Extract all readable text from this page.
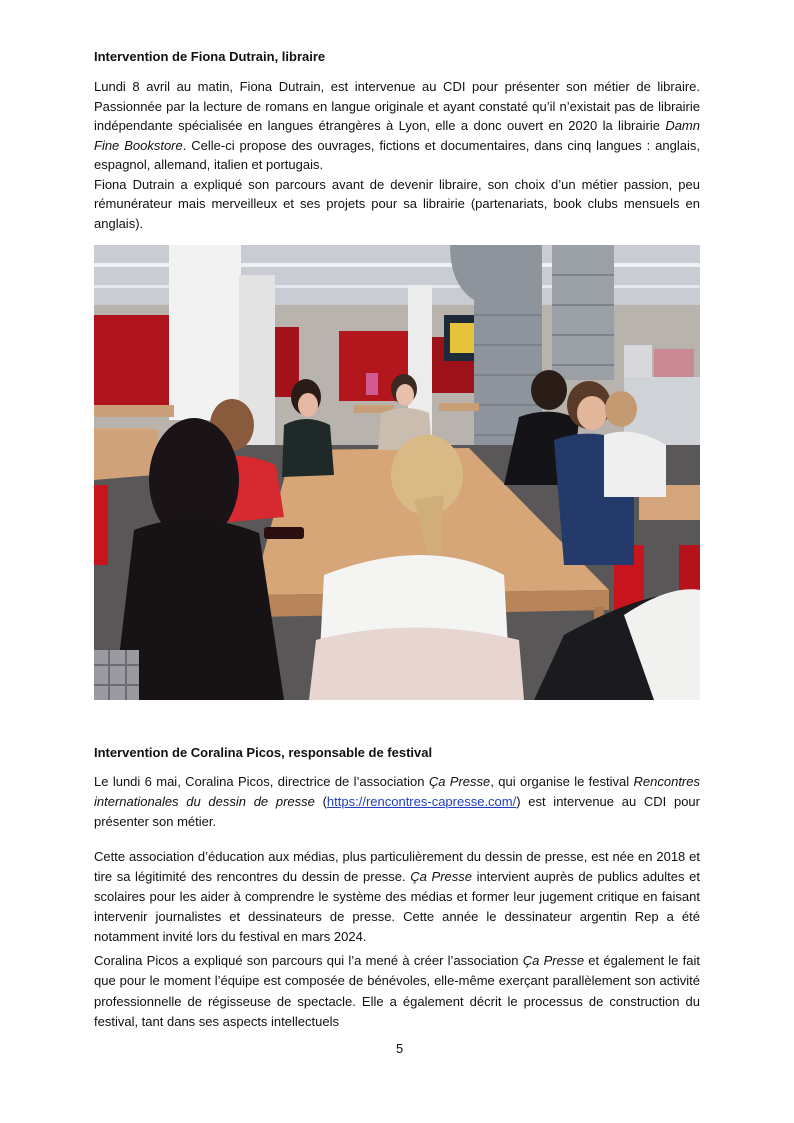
Intervention de Fiona Dutrain, libraire

Lundi 8 avril au matin, Fiona Dutrain, est intervenue au CDI pour présenter son métier de libraire. Passionnée par la lecture de romans en langue originale et ayant constaté qu’il n’existait pas de librairie indépendante spécialisée en langues étrangères à Lyon, elle a donc ouvert en 2020 la librairie Damn Fine Bookstore. Celle-ci propose des ouvrages, fictions et documentaires, dans cinq langues : anglais, espagnol, allemand, italien et portugais.

Fiona Dutrain a expliqué son parcours avant de devenir libraire, son choix d’un métier passion, peu rémunérateur mais merveilleux et ses projets pour sa librairie (partenariats, book clubs mensuels en anglais).

Intervention de Coralina Picos, responsable de festival
Le lundi 6 mai, Coralina Picos, directrice de l’association Ça Presse, qui organise le festival Rencontres internationales du dessin de presse (https://rencontres-capresse.com/) est intervenue au CDI pour présenter son métier.
Cette association d’éducation aux médias, plus particulièrement du dessin de presse, est née en 2018 et tire sa légitimité des rencontres du dessin de presse. Ça Presse intervient auprès de publics adultes et scolaires pour les aider à comprendre le système des médias et former leur jugement critique en faisant intervenir journalistes et dessinateurs de presse. Cette année le dessinateur argentin Rep a été notamment invité lors du festival en mars 2024.
Coralina Picos a expliqué son parcours qui l’a mené à créer l’association Ça Presse et également le fait que pour le moment l’équipe est composée de bénévoles, elle-même exerçant parallèlement son activité professionnelle de régisseuse de spectacle. Elle a également décrit le processus de construction du festival, tant dans ses aspects intellectuels
5
